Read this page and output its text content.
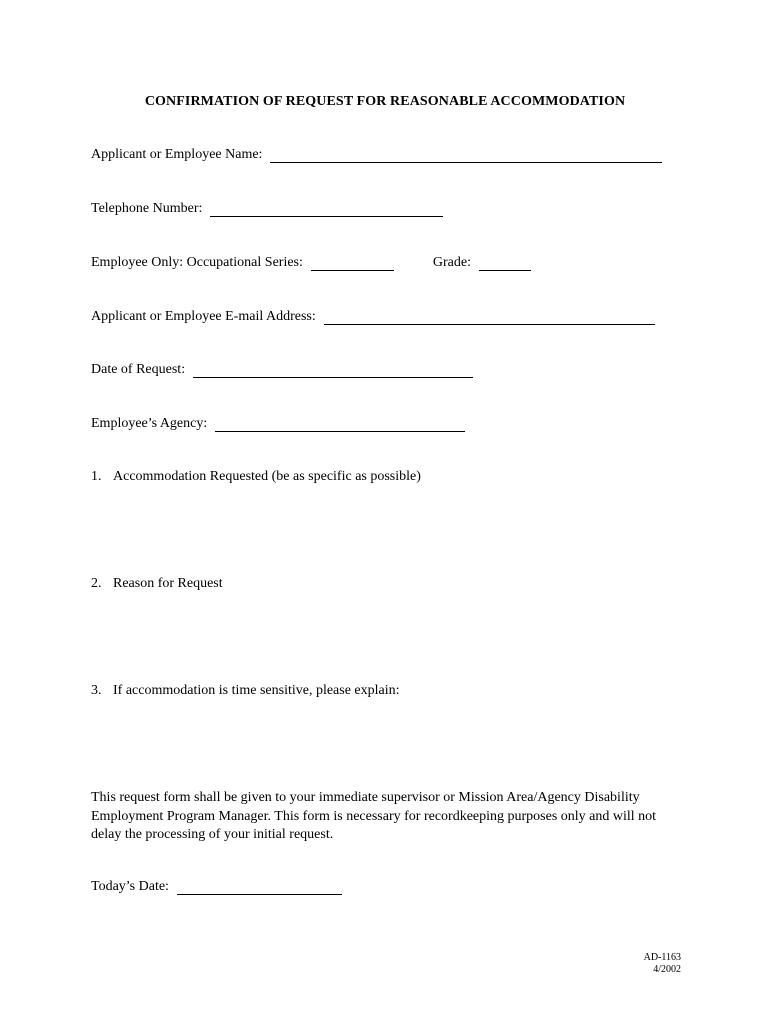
CONFIRMATION OF REQUEST FOR REASONABLE ACCOMMODATION
Applicant or Employee Name:
Telephone Number:
Employee Only: Occupational Series:	Grade:
Applicant or Employee E-mail Address:
Date of Request:
Employee’s Agency:
1. Accommodation Requested (be as specific as possible)
2. Reason for Request
3. If accommodation is time sensitive, please explain:
This request form shall be given to your immediate supervisor or Mission Area/Agency Disability Employment Program Manager. This form is necessary for recordkeeping purposes only and will not delay the processing of your initial request.
Today’s Date:
AD-1163
4/2002
